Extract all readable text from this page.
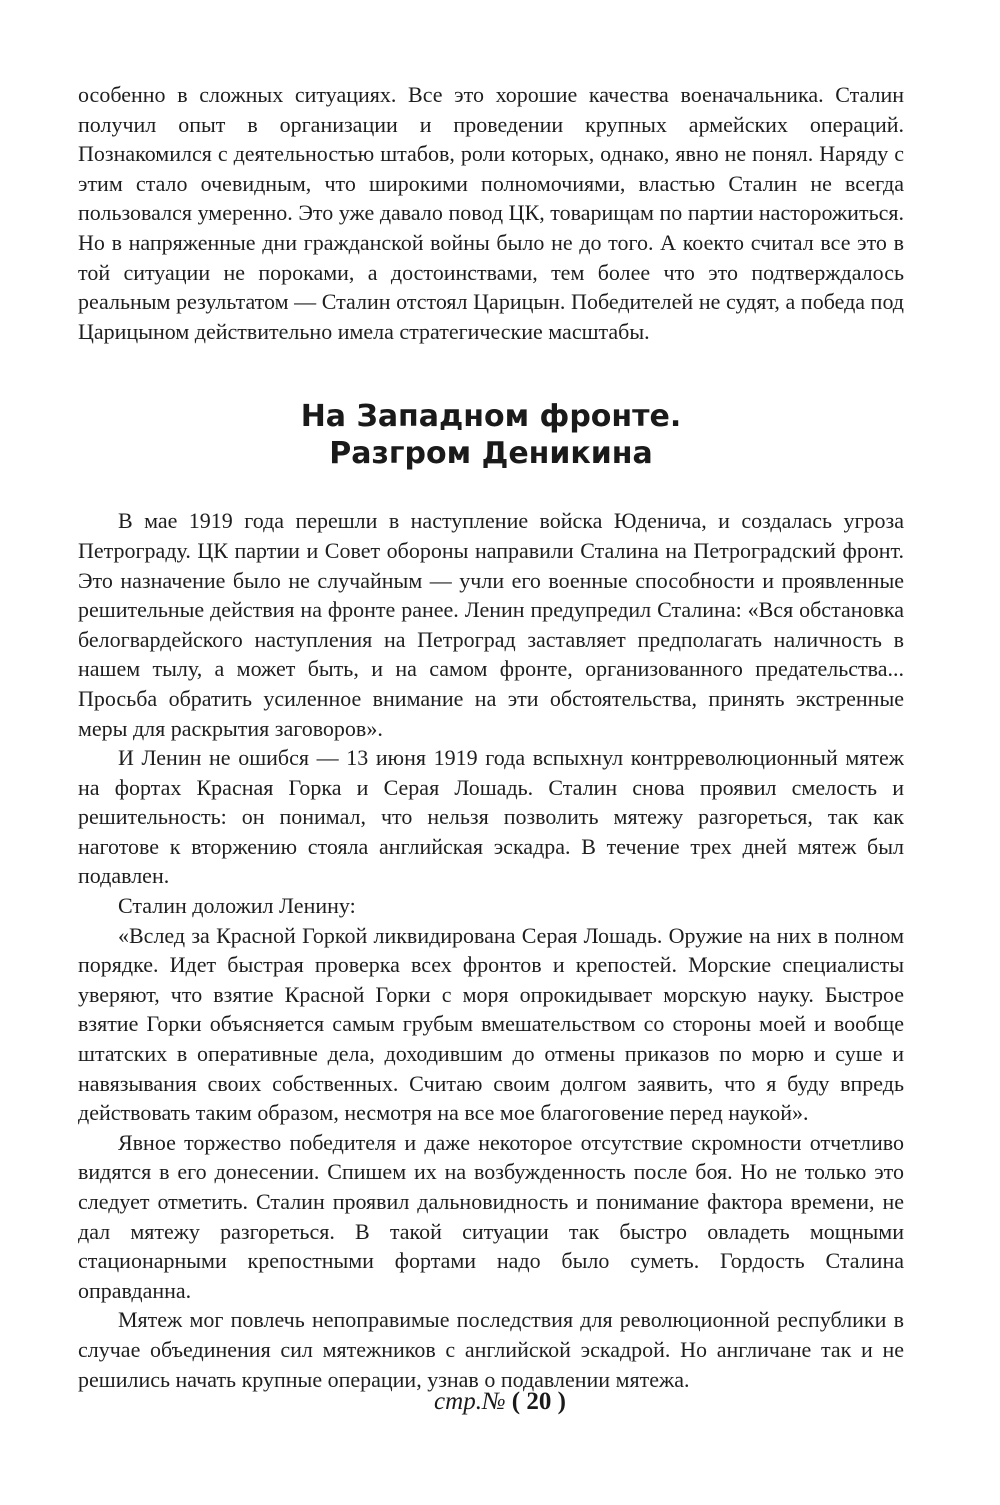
особенно в сложных ситуациях. Все это хорошие качества военачальника. Сталин получил опыт в организации и проведении крупных армейских операций. Познакомился с деятельностью штабов, роли которых, однако, явно не понял. Наряду с этим стало очевидным, что широкими полномочиями, властью Сталин не всегда пользовался умеренно. Это уже давало повод ЦК, товарищам по партии насторожиться. Но в напряженные дни гражданской войны было не до того. А коекто считал все это в той ситуации не пороками, а достоинствами, тем более что это подтверждалось реальным результатом — Сталин отстоял Царицын. Победителей не судят, а победа под Царицыном действительно имела стратегические масштабы.

На Западном фронте.
Разгром Деникина

В мае 1919 года перешли в наступление войска Юденича, и создалась угроза Петрограду. ЦК партии и Совет обороны направили Сталина на Петроградский фронт. Это назначение было не случайным — учли его военные способности и проявленные решительные действия на фронте ранее. Ленин предупредил Сталина: «Вся обстановка белогвардейского наступления на Петроград заставляет предполагать наличность в нашем тылу, а может быть, и на самом фронте, организованного предательства... Просьба обратить усиленное внимание на эти обстоятельства, принять экстренные меры для раскрытия заговоров».

И Ленин не ошибся — 13 июня 1919 года вспыхнул контрреволюционный мятеж на фортах Красная Горка и Серая Лошадь. Сталин снова проявил смелость и решительность: он понимал, что нельзя позволить мятежу разгореться, так как наготове к вторжению стояла английская эскадра. В течение трех дней мятеж был подавлен.

Сталин доложил Ленину:

«Вслед за Красной Горкой ликвидирована Серая Лошадь. Оружие на них в полном порядке. Идет быстрая проверка всех фронтов и крепостей. Морские специалисты уверяют, что взятие Красной Горки с моря опрокидывает морскую науку. Быстрое взятие Горки объясняется самым грубым вмешательством со стороны моей и вообще штатских в оперативные дела, доходившим до отмены приказов по морю и суше и навязывания своих собственных. Считаю своим долгом заявить, что я буду впредь действовать таким образом, несмотря на все мое благоговение перед наукой».

Явное торжество победителя и даже некоторое отсутствие скромности отчетливо видятся в его донесении. Спишем их на возбужденность после боя. Но не только это следует отметить. Сталин проявил дальновидность и понимание фактора времени, не дал мятежу разгореться. В такой ситуации так быстро овладеть мощными стационарными крепостными фортами надо было суметь. Гордость Сталина оправданна.

Мятеж мог повлечь непоправимые последствия для революционной республики в случае объединения сил мятежников с английской эскадрой. Но англичане так и не решились начать крупные операции, узнав о подавлении мятежа.

стр.№ ( 20 )
